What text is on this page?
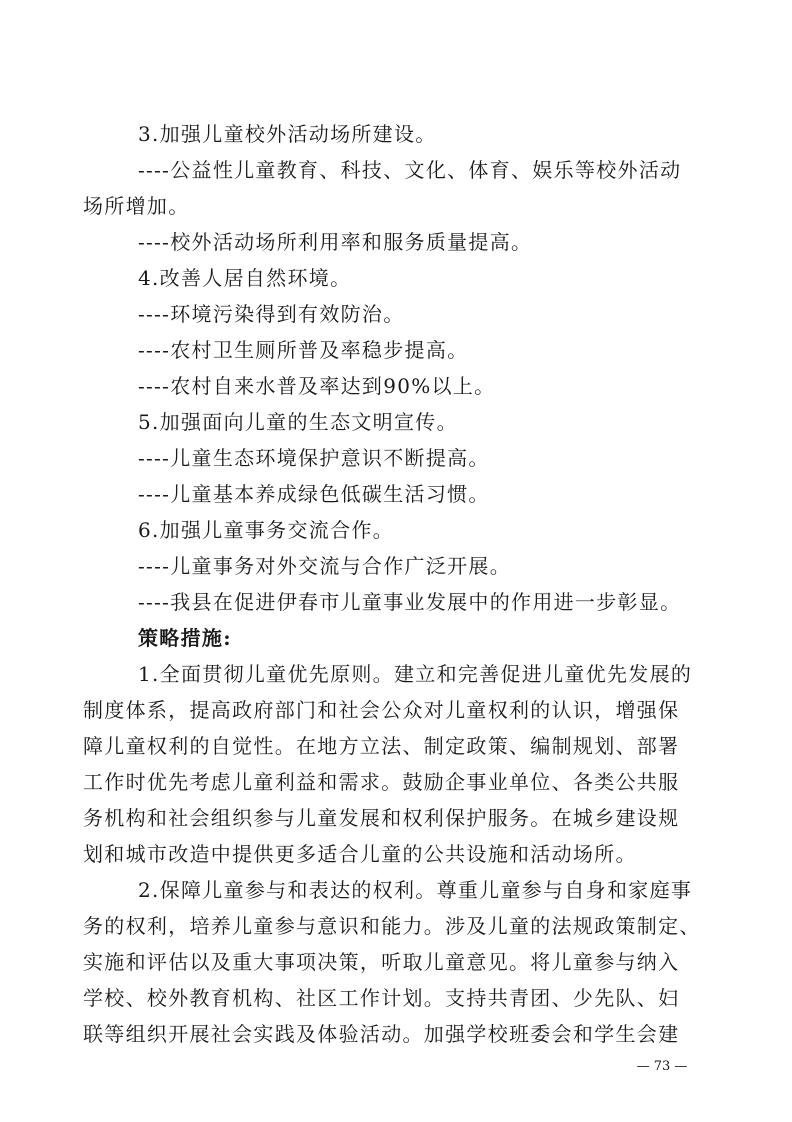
3.加强儿童校外活动场所建设。

----公益性儿童教育、科技、文化、体育、娱乐等校外活动

场所增加。

----校外活动场所利用率和服务质量提高。

4.改善人居自然环境。

----环境污染得到有效防治。

----农村卫生厕所普及率稳步提高。

----农村自来水普及率达到90%以上。

5.加强面向儿童的生态文明宣传。

----儿童生态环境保护意识不断提高。

----儿童基本养成绿色低碳生活习惯。

6.加强儿童事务交流合作。

----儿童事务对外交流与合作广泛开展。

----我县在促进伊春市儿童事业发展中的作用进一步彰显。

策略措施:

1.全面贯彻儿童优先原则。建立和完善促进儿童优先发展的

制度体系，提高政府部门和社会公众对儿童权利的认识，增强保

障儿童权利的自觉性。在地方立法、制定政策、编制规划、部署

工作时优先考虑儿童利益和需求。鼓励企事业单位、各类公共服

务机构和社会组织参与儿童发展和权利保护服务。在城乡建设规

划和城市改造中提供更多适合儿童的公共设施和活动场所。

2.保障儿童参与和表达的权利。尊重儿童参与自身和家庭事

务的权利，培养儿童参与意识和能力。涉及儿童的法规政策制定、

实施和评估以及重大事项决策，听取儿童意见。将儿童参与纳入

学校、校外教育机构、社区工作计划。支持共青团、少先队、妇

联等组织开展社会实践及体验活动。加强学校班委会和学生会建

— 73 —
